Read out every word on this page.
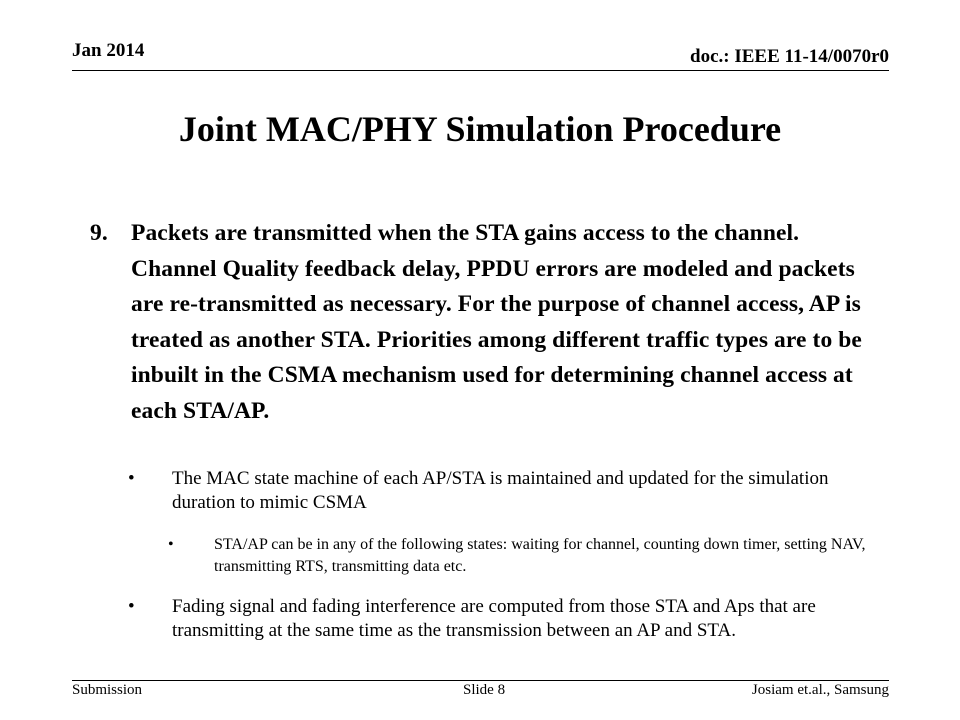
Jan 2014	doc.: IEEE 11-14/0070r0
Joint MAC/PHY Simulation Procedure
9. Packets are transmitted when the STA gains access to the channel. Channel Quality feedback delay, PPDU errors are modeled and packets are re-transmitted as necessary. For the purpose of channel access, AP is treated as another STA. Priorities among different traffic types are to be inbuilt in the CSMA mechanism used for determining channel access at each STA/AP.
• The MAC state machine of each AP/STA is maintained and updated for the simulation duration to mimic CSMA
•	STA/AP can be in any of the following states: waiting for channel, counting down timer, setting NAV, transmitting RTS, transmitting data etc.
• Fading signal and fading interference are computed from those STA and Aps that are transmitting at the same time as the transmission between an AP and STA.
Submission	Slide 8	Josiam et.al., Samsung
